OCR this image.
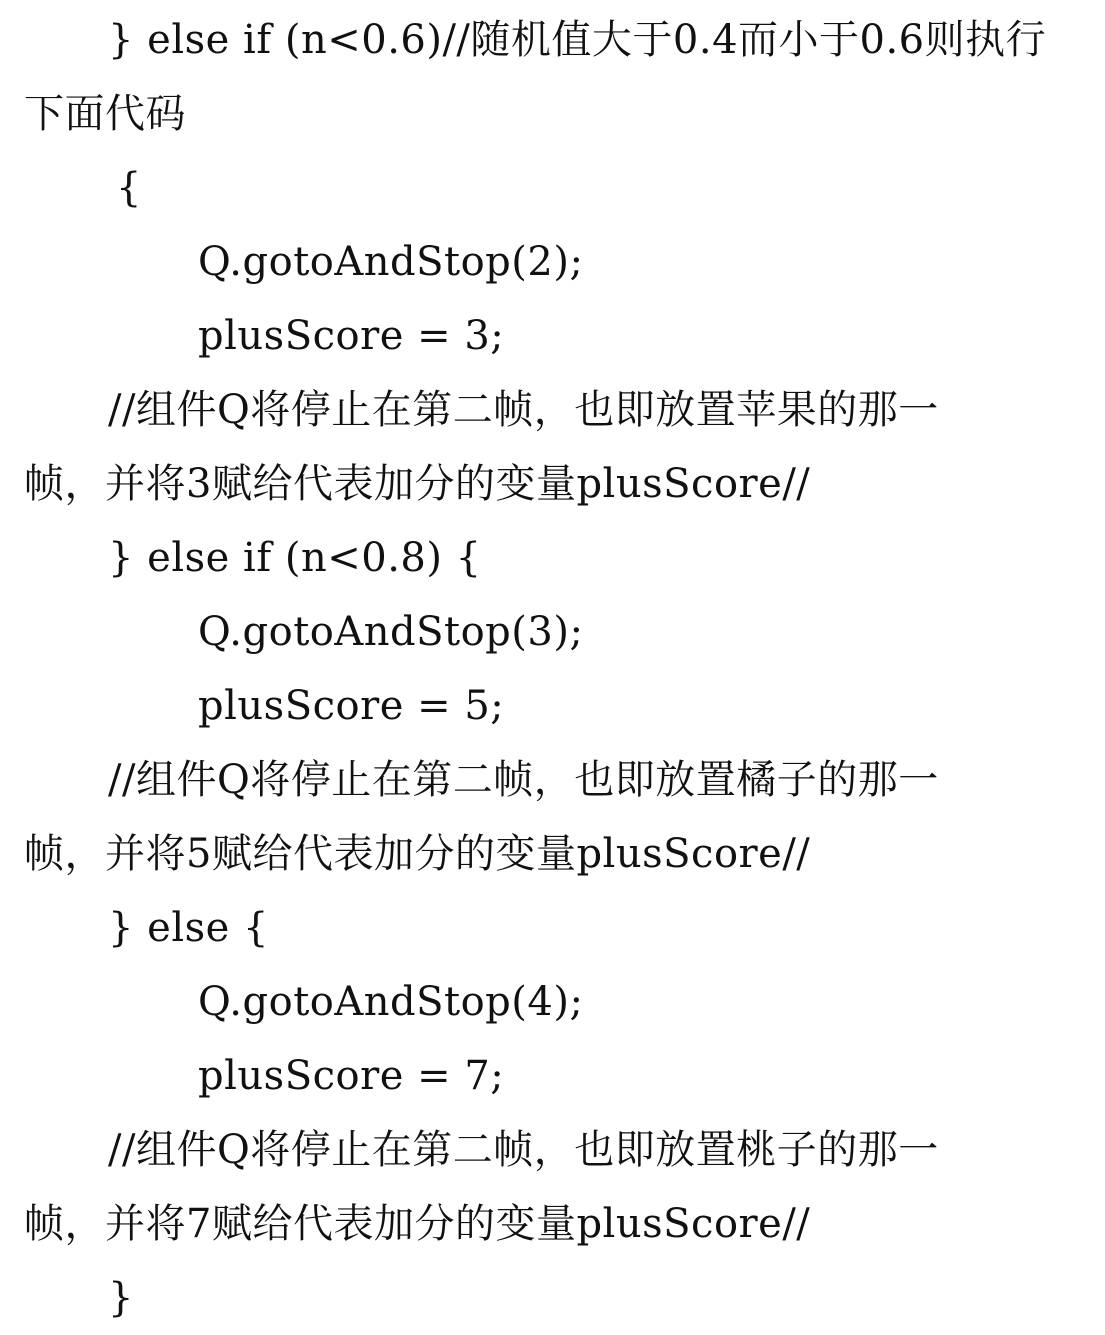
} else if (n<0.6)//随机值大于0.4而小于0.6则执行
下面代码
{
Q.gotoAndStop(2);
plusScore = 3;
//组件Q将停止在第二帧，也即放置苹果的那一
帧，并将3赋给代表加分的变量plusScore//
} else if (n<0.8) {
Q.gotoAndStop(3);
plusScore = 5;
//组件Q将停止在第二帧，也即放置橘子的那一
帧，并将5赋给代表加分的变量plusScore//
} else {
Q.gotoAndStop(4);
plusScore = 7;
//组件Q将停止在第二帧，也即放置桃子的那一
帧，并将7赋给代表加分的变量plusScore//
}
